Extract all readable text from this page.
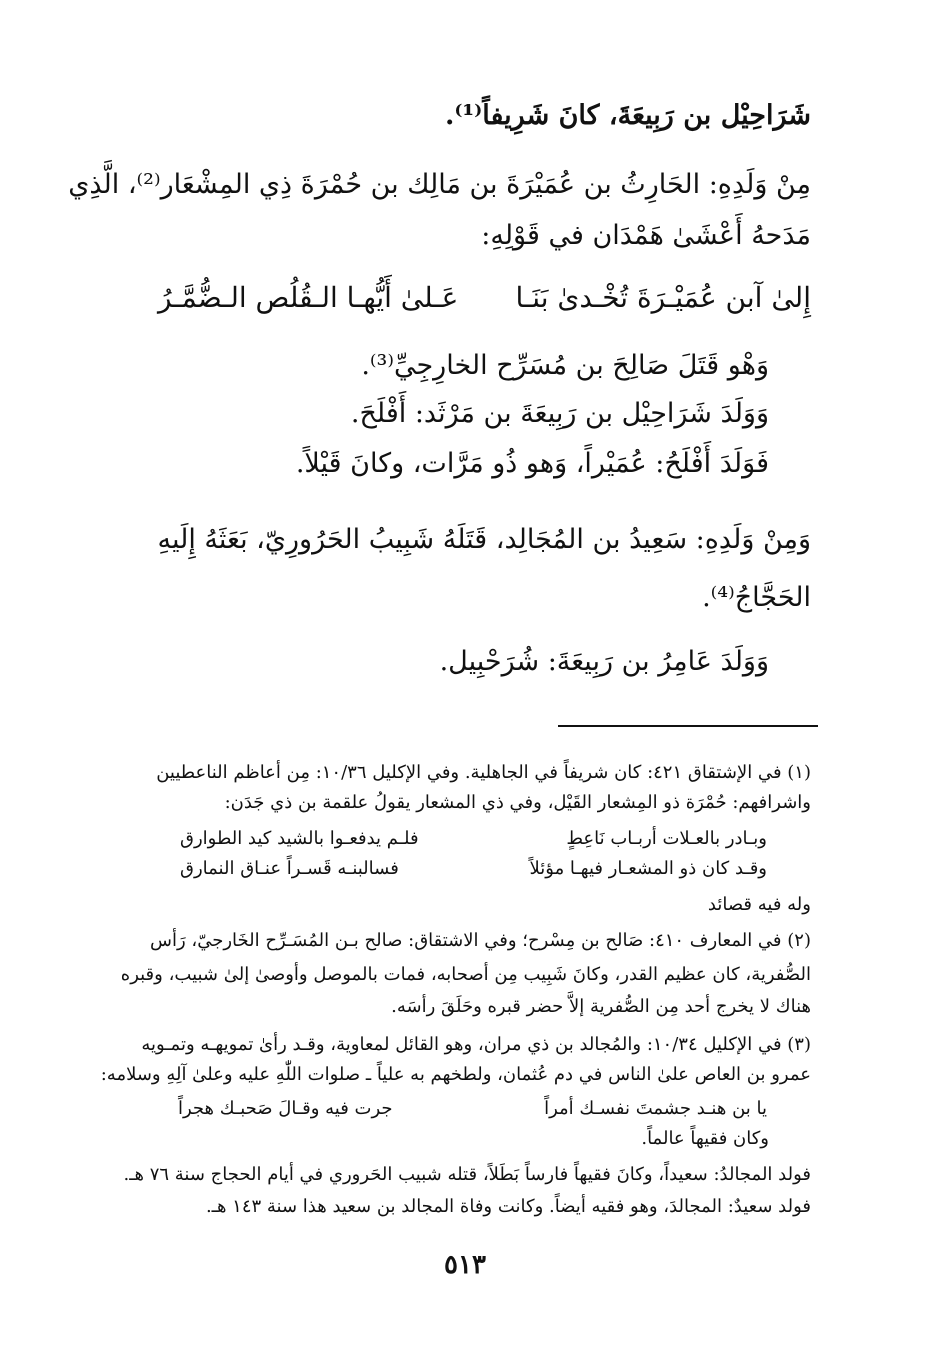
شَرَاحِيْل بن رَبِيعَةَ، كانَ شَرِيفاً⁽¹⁾.
مِنْ وَلَدِهِ: الحَارِثُ بن عُمَيْرَةَ بن مَالِك بن حُمْرَةَ ذِي المِشْعَار⁽²⁾، الَّذِي
مَدَحهُ أَعْشَىٰ هَمْدَان في قَوْلِهِ:
إِلىٰ آبن عُمَيْـرَةَ تُخْـدىٰ بَنَـا
عَـلىٰ أَيُّهـا الـقُلُص الـضُّمَّـرُ
وَهْو قَتَلَ صَالِحَ بن مُسَرِّح الخارِجِيِّ⁽³⁾.
وَوَلَدَ شَرَاحِيْل بن رَبِيعَةَ بن مَرْثَد: أَفْلَحَ.
فَوَلَدَ أَفْلَحُ: عُمَيْراً، وَهو ذُو مَرَّات، وكانَ قَيْلاً.
وَمِنْ وَلَدِهِ: سَعِيدُ بن المُجَالِد، قَتَلَهُ شَبِيبُ الحَرُورِيّ، بَعَثَهُ إِلَيهِ
الحَجَّاجُ⁽⁴⁾.
وَوَلَدَ عَامِرُ بن رَبِيعَةَ: شُرَحْبِيل.
(١) في الإشتقاق ٤٢١: كان شريفاً في الجاهلية. وفي الإكليل ١٠/٣٦: مِن أعاظم الناعطيين
واشرافهم: حُمْرَة ذو المِشعار القَيْل، وفي ذي المشعار يقولُ علقمة بن ذي جَدَن:
وبـادر بالعـلات أربـاب نَاعِطٍ
فلـم يدفعـوا بالشيد كيد الطوارق
وقـد كان ذو المشعـار فيهـا مؤئلاً
فسالبنـه قَسـراً عنـاق النمارق
وله فيه قصائد
(٢) في المعارف ٤١٠: صَالح بن مِسْرح؛ وفي الاشتقاق: صالح بـن المُسَـرِّح الخَارجيّ، رَأس
الصُّفرية، كان عظيم القدر، وكانَ شَبِيب مِن أصحابه، فمات بالموصل وأوصىٰ إلىٰ شبيب، وقبره
هناك لا يخرج أحد مِن الصُّفرية إلاَّ حضر قبره وحَلَقَ رأسَه.
(٣) في الإكليل ١٠/٣٤: والمُجالد بن ذي مران، وهو القائل لمعاوية، وقـد رأىٰ تمويهـه وتمـويه
عمرو بن العاص علىٰ الناس في دم عُثمان، ولطخهم به علياً ـ صلوات اللّٰهِ عليه وعلىٰ آلِهِ وسلامه:
يا بن هنـد جشمتَ نفسـك أمراً
جرت فيه وقـالَ صَحبـك هجراً
وكان فقيهاً عالماً.
فولد المجالدُ: سعيداً، وكانَ فقيهاً فارساً بَطَلاً، قتله شبيب الحَروري في أيام الحجاج سنة ٧٦ هـ.
فولد سعيدٌ: المجالدَ، وهو فقيه أيضاً. وكانت وفاة المجالد بن سعيد هذا سنة ١٤٣ هـ.
٥١٣
